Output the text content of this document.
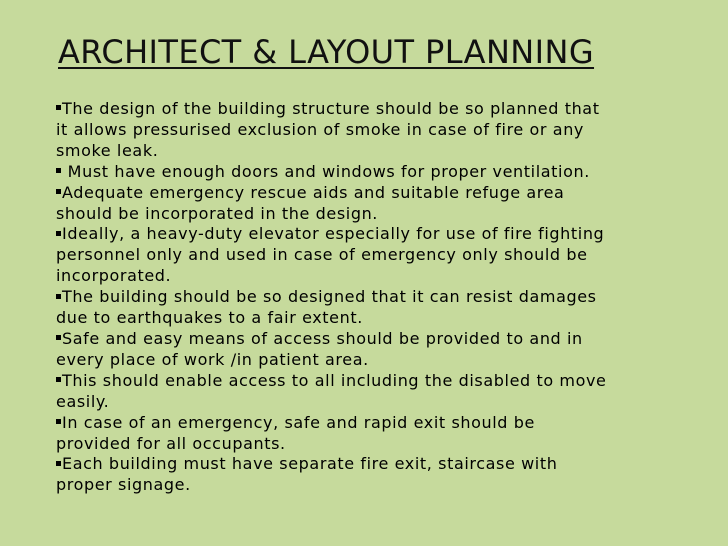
ARCHITECT & LAYOUT PLANNING
The design of the building structure should be so planned that
it allows pressurised exclusion of smoke in case of fire or any
smoke leak.
Must have enough doors and windows for proper ventilation.
Adequate emergency rescue aids and suitable refuge area
should be incorporated in the design.
Ideally, a heavy-duty elevator especially for use of fire fighting
personnel only and used in case of emergency only should be
incorporated.
The building should be so designed that it can resist damages
due to earthquakes to a fair extent.
Safe and easy means of access should be provided to and in
every place of work /in patient area.
This should enable access to all including the disabled to move
easily.
In case of an emergency, safe and rapid exit should be
provided for all occupants.
Each building must have separate fire exit, staircase with
proper signage.
